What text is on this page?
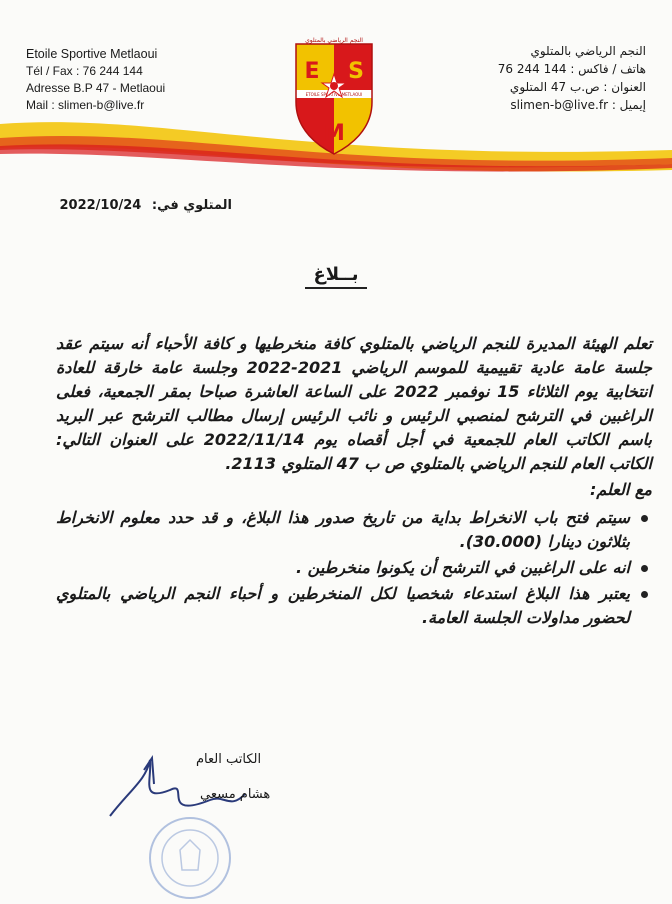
Etoile Sportive Metlaoui
Tél / Fax : 76 244 144
Adresse B.P 47 - Metlaoui
Mail : slimen-b@live.fr
النجم الرياضي بالمتلوي
هاتف / فاكس : 144 244 76
العنوان : ص.ب 47 المتلوي
إيميل : slimen-b@live.fr
النجم الرياضي بالمتلوي
E S
M
ETOILE SPORTIVE METLAOUI
المتلوي في: 2022/10/24
بــلاغ

تعلم الهيئة المديرة للنجم الرياضي بالمتلوي كافة منخرطيها و كافة الأحباء أنه سيتم عقد جلسة عامة عادية تقييمية للموسم الرياضي 2021-2022 وجلسة عامة خارقة للعادة انتخابية يوم الثلاثاء 15 نوفمبر 2022 على الساعة العاشرة صباحا بمقر الجمعية، فعلى الراغبين في الترشح لمنصبي الرئيس و نائب الرئيس إرسال مطالب الترشح عبر البريد باسم الكاتب العام للجمعية في أجل أقصاه يوم 2022/11/14 على العنوان التالي: الكاتب العام للنجم الرياضي بالمتلوي ص ب 47 المتلوي 2113.

مع العلم:
سيتم فتح باب الانخراط بداية من تاريخ صدور هذا البلاغ، و قد حدد معلوم الانخراط بثلاثون دينارا (30.000).
انه على الراغبين في الترشح أن يكونوا منخرطين .
يعتبر هذا البلاغ استدعاء شخصيا لكل المنخرطين و أحباء النجم الرياضي بالمتلوي لحضور مداولات الجلسة العامة.
الكاتب العام
هشام مسعي
